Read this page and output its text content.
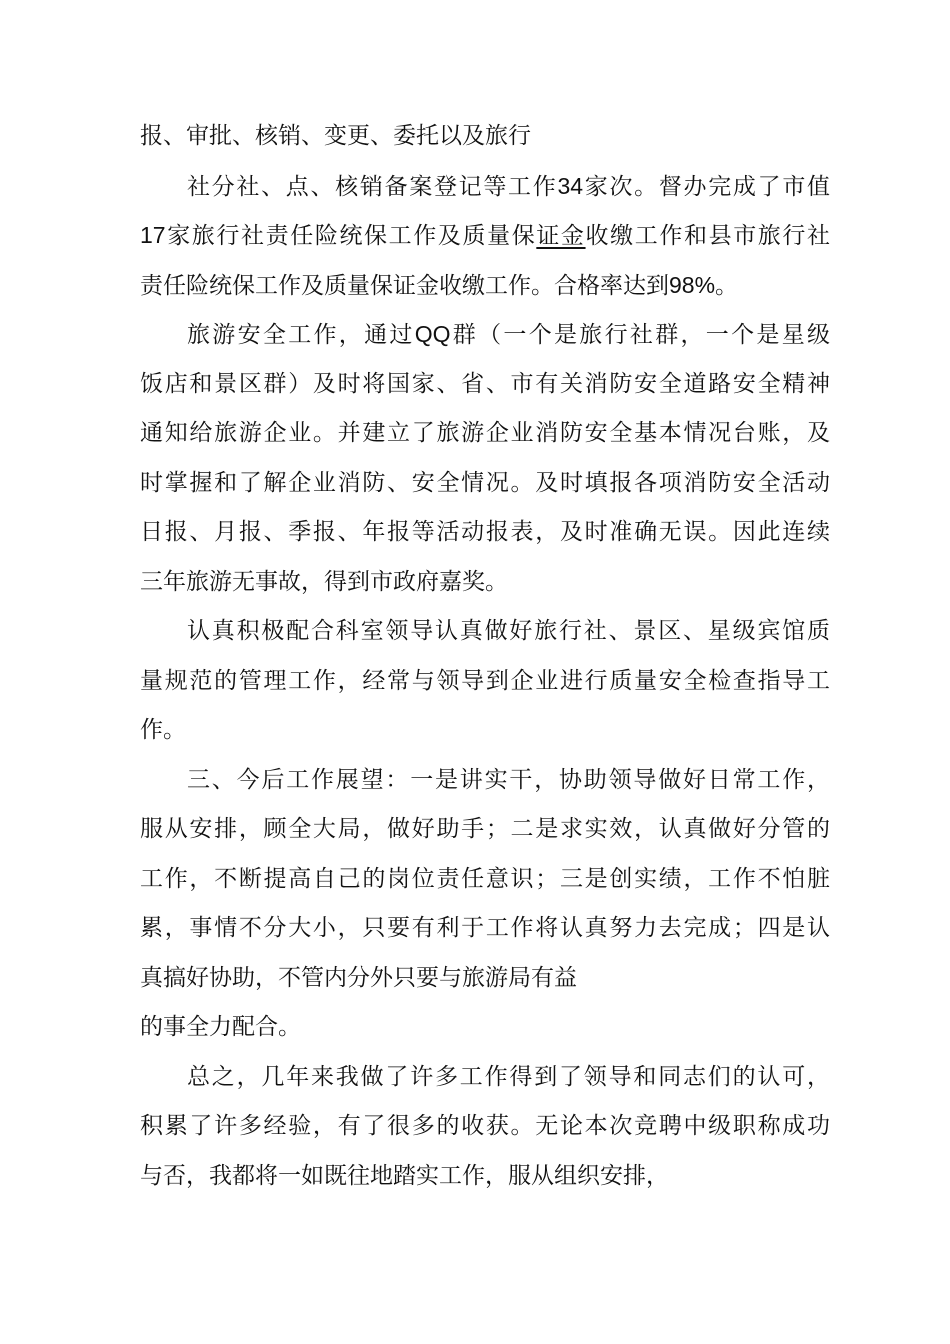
报、审批、核销、变更、委托以及旅行
社分社、点、核销备案登记等工作34家次。督办完成了市值
17家旅行社责任险统保工作及质量保证金收缴工作和县市旅行社
责任险统保工作及质量保证金收缴工作。合格率达到98%。
旅游安全工作，通过QQ群（一个是旅行社群，一个是星级
饭店和景区群）及时将国家、省、市有关消防安全道路安全精神
通知给旅游企业。并建立了旅游企业消防安全基本情况台账，及
时掌握和了解企业消防、安全情况。及时填报各项消防安全活动
日报、月报、季报、年报等活动报表，及时准确无误。因此连续
三年旅游无事故，得到市政府嘉奖。
认真积极配合科室领导认真做好旅行社、景区、星级宾馆质
量规范的管理工作，经常与领导到企业进行质量安全检查指导工
作。
三、今后工作展望：一是讲实干，协助领导做好日常工作，
服从安排，顾全大局，做好助手；二是求实效，认真做好分管的
工作，不断提高自己的岗位责任意识；三是创实绩，工作不怕脏
累，事情不分大小，只要有利于工作将认真努力去完成；四是认
真搞好协助，不管内分外只要与旅游局有益
的事全力配合。
总之，几年来我做了许多工作得到了领导和同志们的认可，
积累了许多经验，有了很多的收获。无论本次竞聘中级职称成功
与否，我都将一如既往地踏实工作，服从组织安排，
